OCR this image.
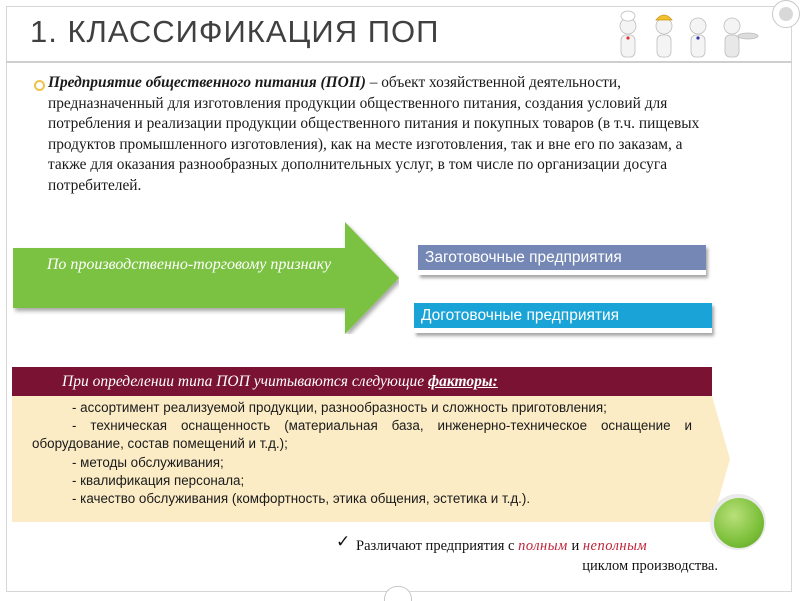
1. КЛАССИФИКАЦИЯ ПОП
Предприятие общественного питания (ПОП) – объект хозяйственной деятельности, предназначенный для изготовления продукции общественного питания, создания условий для потребления и реализации продукции общественного питания и покупных товаров (в т.ч. пищевых продуктов промышленного изготовления), как на месте изготовления, так и вне его по заказам, а также для оказания разнообразных дополнительных услуг, в том числе по организации досуга потребителей.
По производственно-торговому признаку	Заготовочные предприятия
Доготовочные предприятия
При определении типа ПОП учитываются следующие факторы:
- ассортимент реализуемой продукции, разнообразность и сложность приготовления;
- техническая оснащенность (материальная база, инженерно-техническое оснащение и
оборудование, состав помещений и т.д.);
- методы обслуживания;
- квалификация персонала;
- качество обслуживания (комфортность, этика общения, эстетика и т.д.).
✓ Различают предприятия с полным и неполным
циклом производства.
